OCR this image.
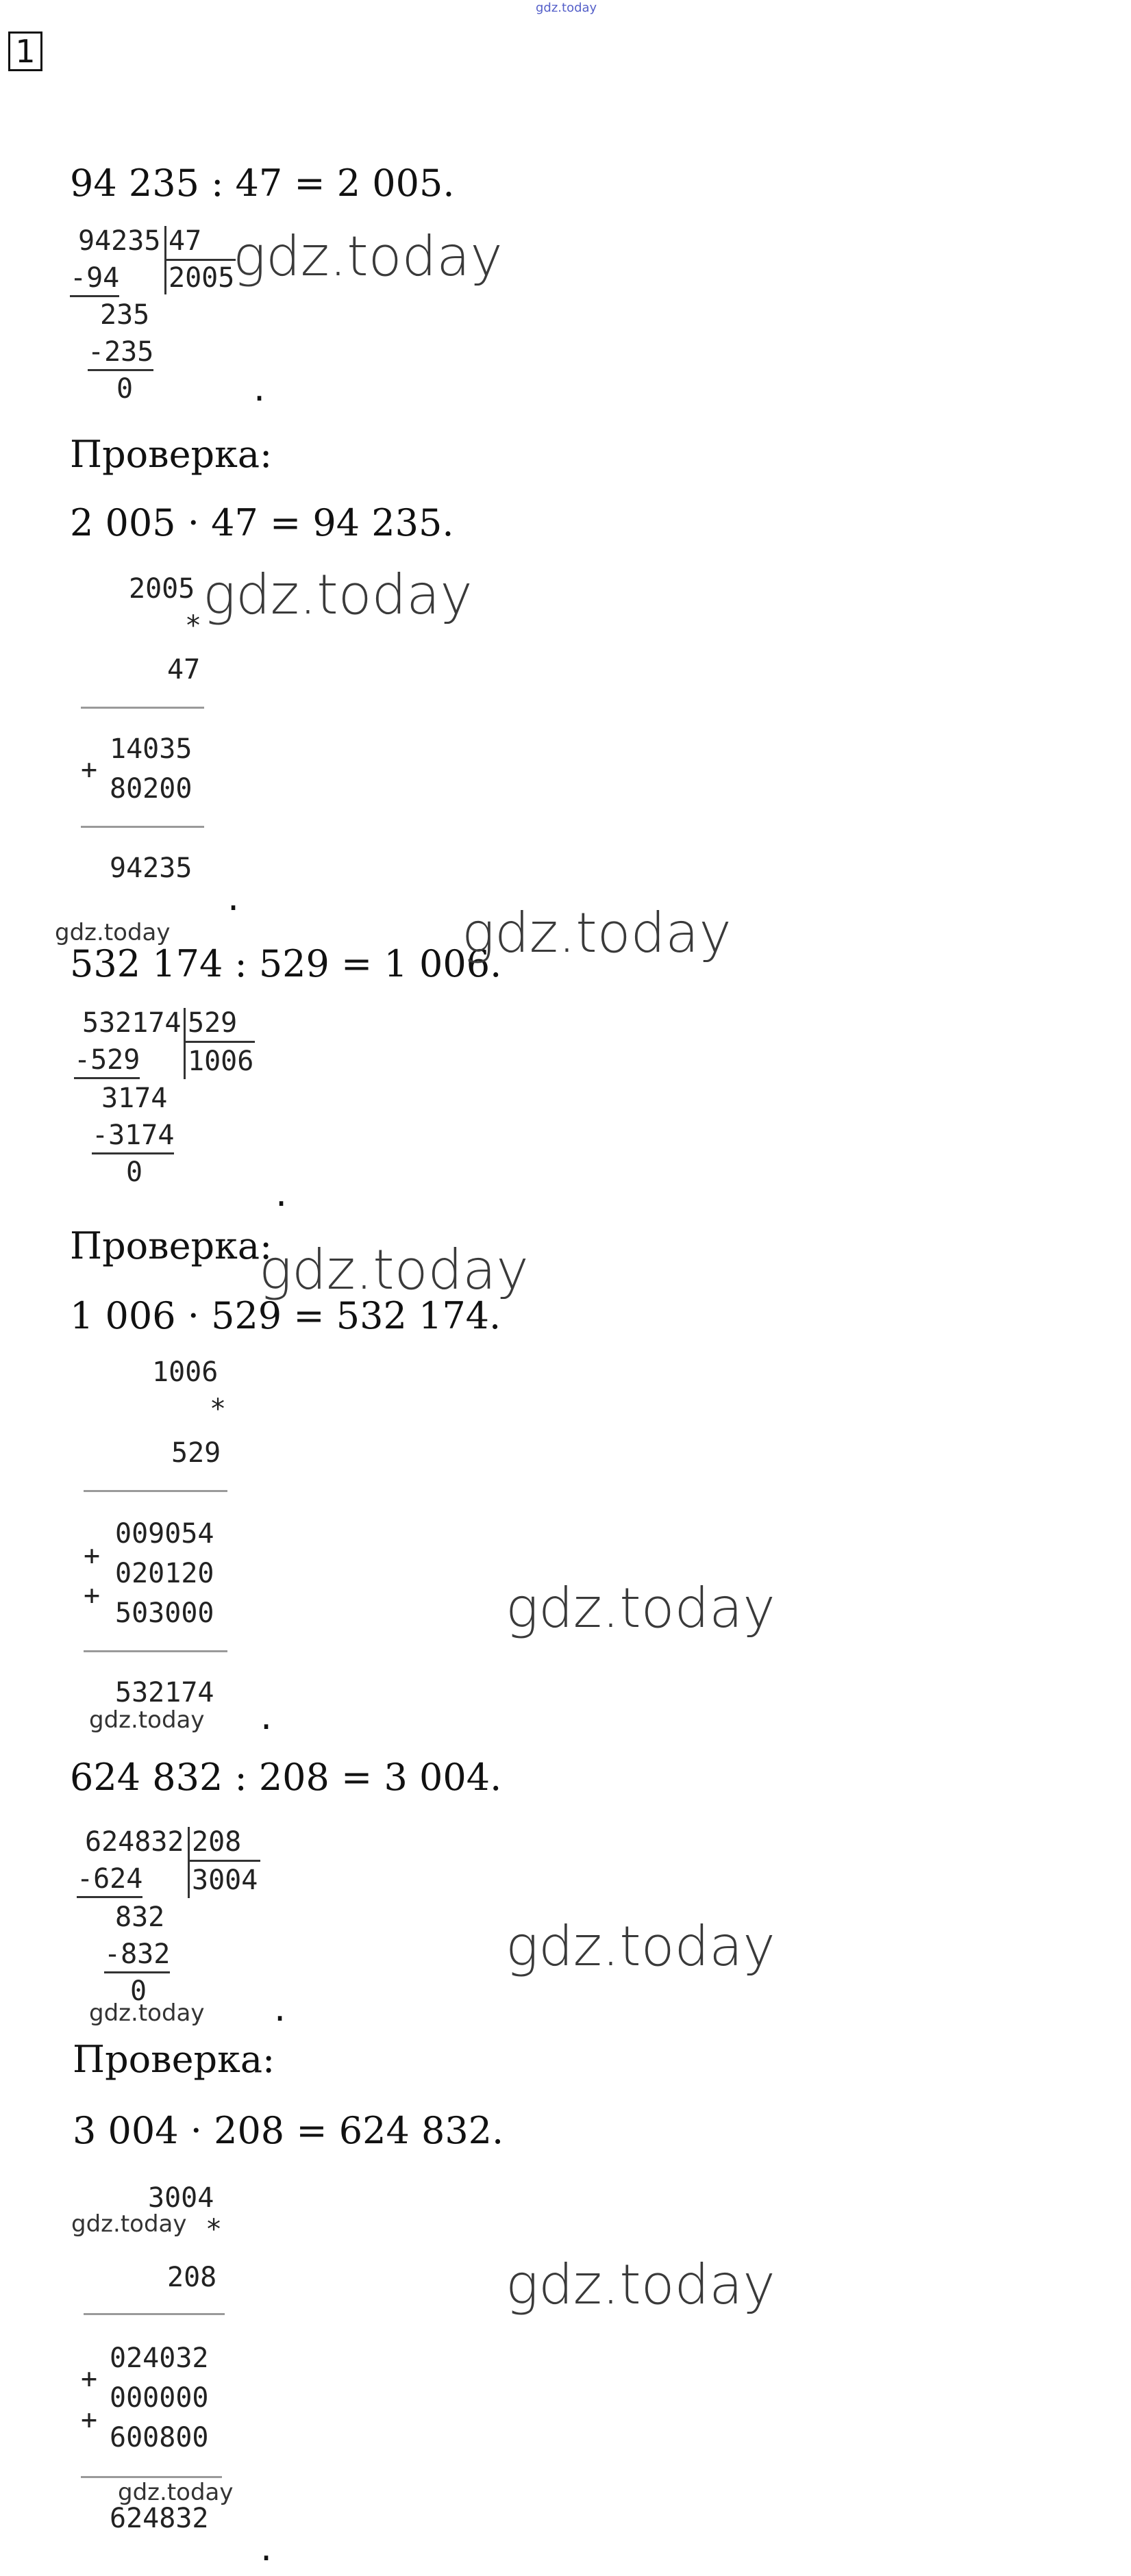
gdz.today
1
94 235 : 47 = 2 005.
94235 47
2005
-94
235
-235
0	.
gdz.today
Проверка:
2 005 · 47 = 94 235.
2005
*
47
+
14035
80200
94235
.
gdz.today
gdz.today
532 174 : 529 = 1 006.
gdz.today
532174 529
1006
-529
3174
-3174
0	.
Проверка:
gdz.today
1 006 · 529 = 532 174.
1006
*
529
+
+
009054
020120
503000
532174
gdz.today .
gdz.today
624 832 : 208 = 3 004.
624832 208
3004
-624
832
-832
0
gdz.today .
gdz.today
Проверка:
3 004 · 208 = 624 832.
3004
gdz.today *
208
+
+
024032
000000
600800
gdz.today
624832
.
gdz.today
